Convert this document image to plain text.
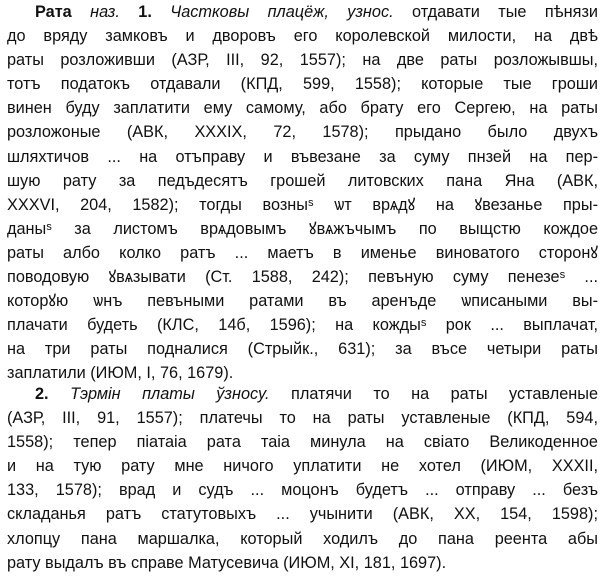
Рата наз. 1. Частковы плацёж, узнос. отдавати тые пѣнязи
до вряду замковъ и дворовъ его королевской милости, на двѣ
раты розложивши (АЗР, III, 92, 1557); на две раты розложывшы,
тотъ податокъ отдавали (КПД, 599, 1558); которые тые гроши
винен буду заплатити ему самому, або брату его Сергею, на раты
розложоные (АВК, XXXIX, 72, 1578); прыдано было двухъ
шляхтичов ... на отъправу и въвезане за суму пнзей на пер-
шую рату за педъдесятъ грошей литовских пана Яна (АВК,
XXXVI, 204, 1582); тогды возныˢ ѡт врѧдꙋ на ꙋвезанье пры-
даныˢ за листомъ врѧдовымъ ꙋвѧжъчымъ по выщстю кождое
раты албо колко ратъ ... маетъ в именье виноватого сторонꙋ
поводовую ꙋвѧзывати (Ст. 1588, 242); певъную суму пенезеˢ ...
которꙋю ѡнъ певъными ратами въ аренъде ѡписаными вы-
плачати будеть (КЛС, 14б, 1596); на кождыˢ рок ... выплачат,
на три раты подналися (Стрыйк., 631); за въсе четыри раты
заплатили (ИЮМ, I, 76, 1679).
2. Тэрмін платы ўзносу. платячи то на раты уставленые
(АЗР, III, 91, 1557); платечы то на раты уставленые (КПД, 594,
1558); тепер піатаіа рата таіа минула на свіато Великоденное
и на тую рату мне ничого уплатити не хотел (ИЮМ, XXXII,
133, 1578); врад и судъ ... моцонъ будетъ ... отправу ... безъ
складанья ратъ статутовыхъ ... учынити (АВК, XX, 154, 1598);
хлопцу пана маршалка, который ходилъ до пана реента абы
рату выдалъ въ справе Матусевича (ИЮМ, XI, 181, 1697).
